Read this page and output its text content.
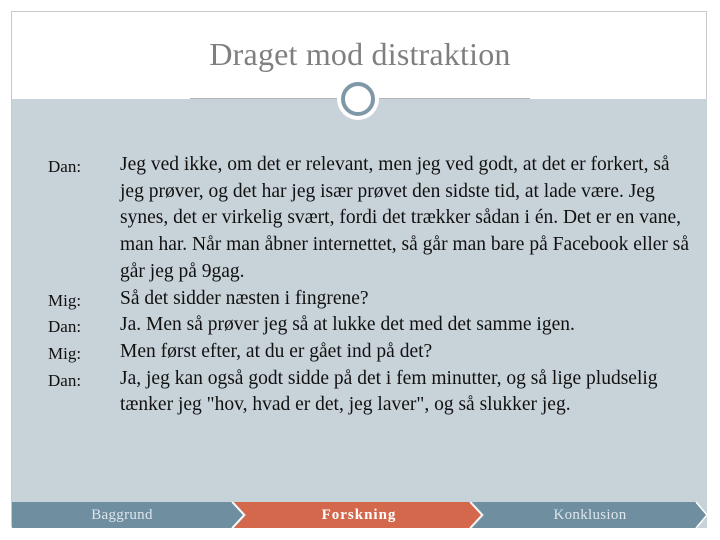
Draget mod distraktion
Dan:	Jeg ved ikke, om det er relevant, men jeg ved godt, at det er forkert, så jeg prøver, og det har jeg især prøvet den sidste tid, at lade være. Jeg synes, det er virkelig svært, fordi det trækker sådan i én. Det er en vane, man har. Når man åbner internettet, så går man bare på Facebook eller så går jeg på 9gag.
Mig:	Så det sidder næsten i fingrene?
Dan:	Ja. Men så prøver jeg så at lukke det med det samme igen.
Mig:	Men først efter, at du er gået ind på det?
Dan:	Ja, jeg kan også godt sidde på det i fem minutter, og så lige pludselig tænker jeg "hov, hvad er det, jeg laver", og så slukker jeg.
Baggrund	Forskning	Konklusion
